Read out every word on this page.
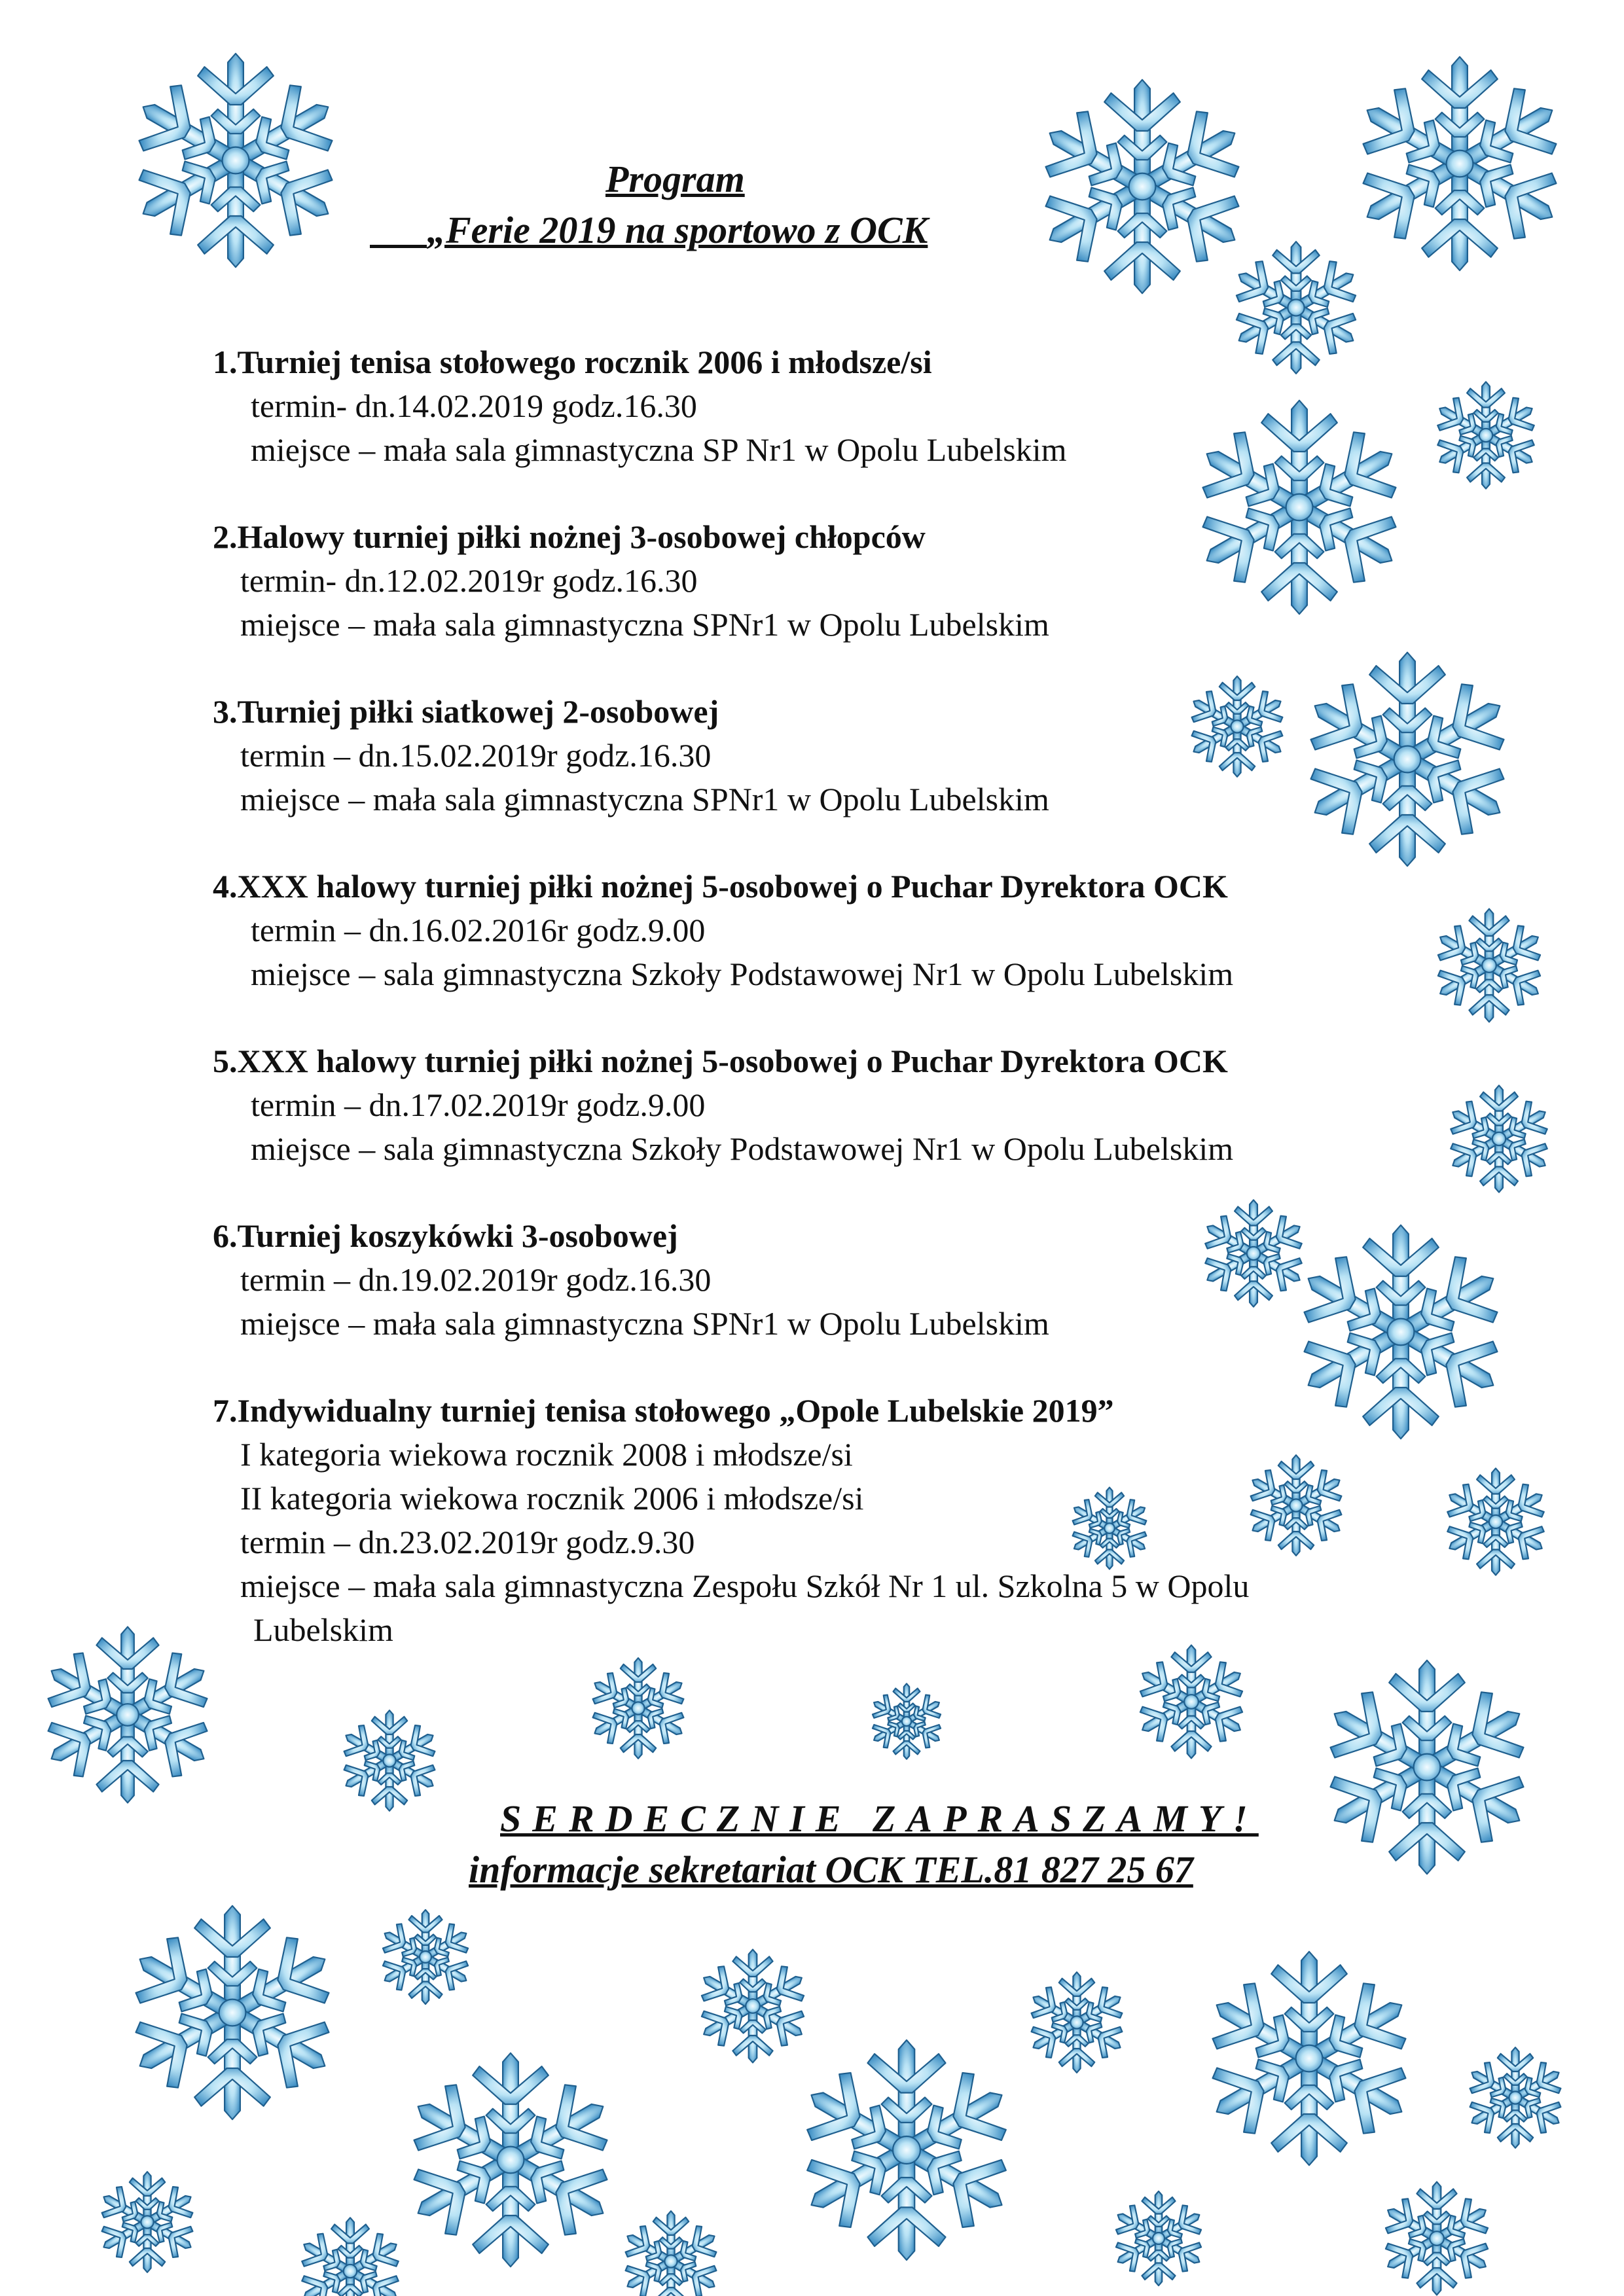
Program
„Ferie 2019 na sportowo z OCK
1.Turniej tenisa stołowego rocznik 2006 i młodsze/si
termin- dn.14.02.2019 godz.16.30
miejsce – mała sala gimnastyczna SP Nr1 w Opolu Lubelskim
2.Halowy turniej piłki nożnej 3-osobowej chłopców
termin- dn.12.02.2019r godz.16.30
miejsce – mała sala gimnastyczna SPNr1 w Opolu Lubelskim
3.Turniej piłki siatkowej 2-osobowej
termin – dn.15.02.2019r godz.16.30
miejsce – mała sala gimnastyczna SPNr1 w Opolu Lubelskim
4.XXX halowy turniej piłki nożnej 5-osobowej o Puchar Dyrektora OCK
termin – dn.16.02.2016r godz.9.00
miejsce – sala gimnastyczna Szkoły Podstawowej Nr1 w Opolu Lubelskim
5.XXX halowy turniej piłki nożnej 5-osobowej o Puchar Dyrektora OCK
termin – dn.17.02.2019r godz.9.00
miejsce – sala gimnastyczna Szkoły Podstawowej Nr1 w Opolu Lubelskim
6.Turniej koszykówki 3-osobowej
termin – dn.19.02.2019r godz.16.30
miejsce – mała sala gimnastyczna SPNr1 w Opolu Lubelskim
7.Indywidualny turniej tenisa stołowego „Opole Lubelskie 2019”
I kategoria wiekowa rocznik 2008 i młodsze/si
II kategoria wiekowa rocznik 2006 i młodsze/si
termin – dn.23.02.2019r godz.9.30
miejsce – mała sala gimnastyczna Zespołu Szkół Nr 1 ul. Szkolna 5 w Opolu
Lubelskim
SERDECZNIE ZAPRASZAMY!
informacje sekretariat OCK TEL.81 827 25 67
